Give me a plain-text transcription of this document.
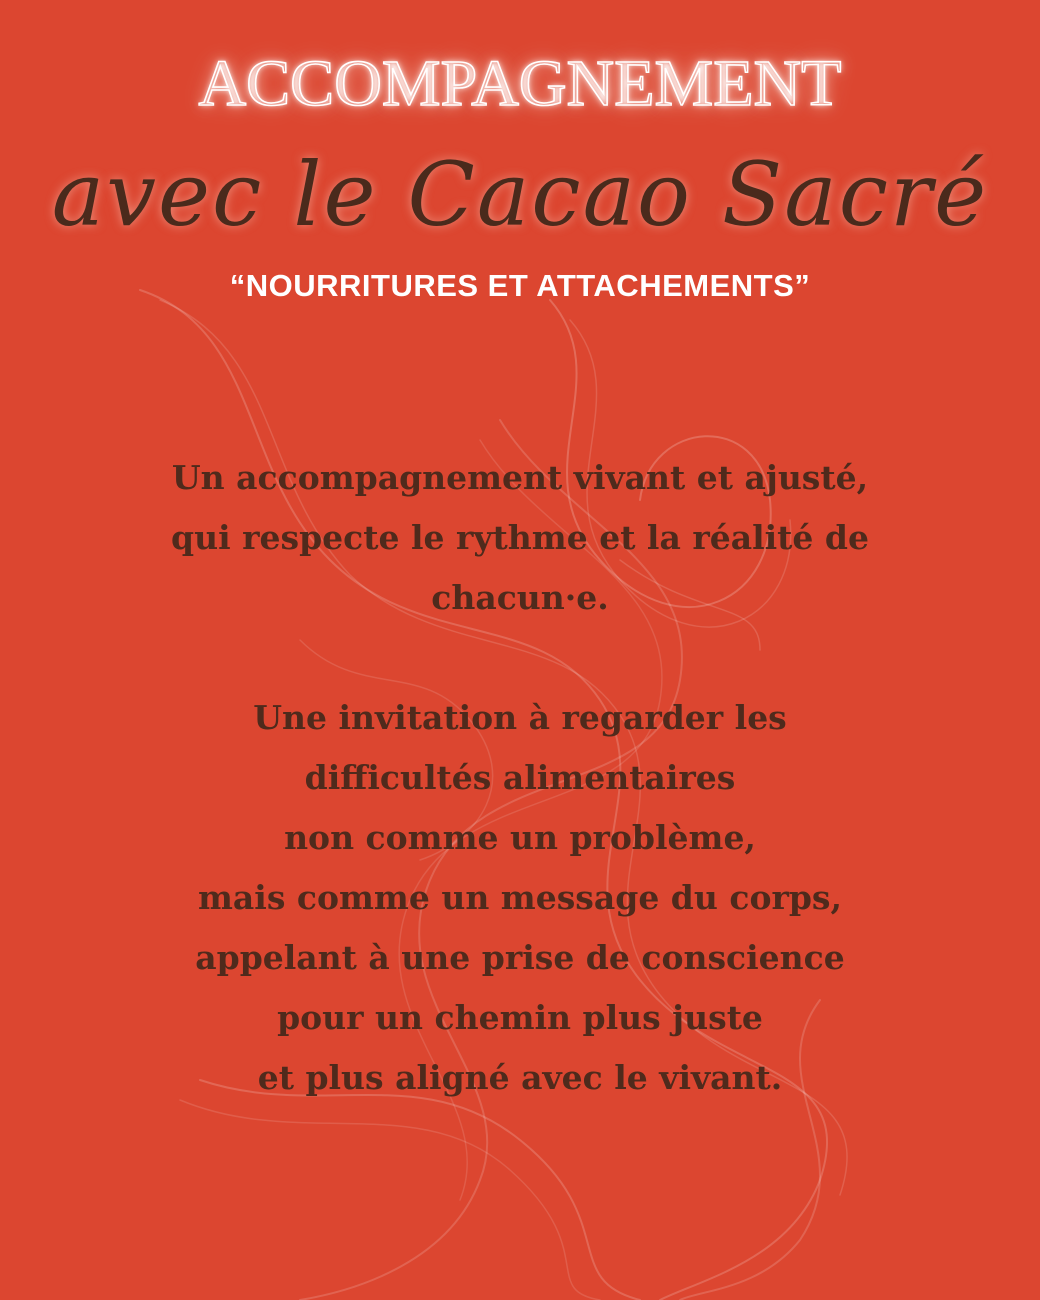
ACCOMPAGNEMENT
avec le Cacao Sacré
“NOURRITURES ET ATTACHEMENTS”
Un accompagnement vivant et ajusté,
qui respecte le rythme et la réalité de
chacun·e.
Une invitation à regarder les
difficultés alimentaires
non comme un problème,
mais comme un message du corps,
appelant à une prise de conscience
pour un chemin plus juste
et plus aligné avec le vivant.
